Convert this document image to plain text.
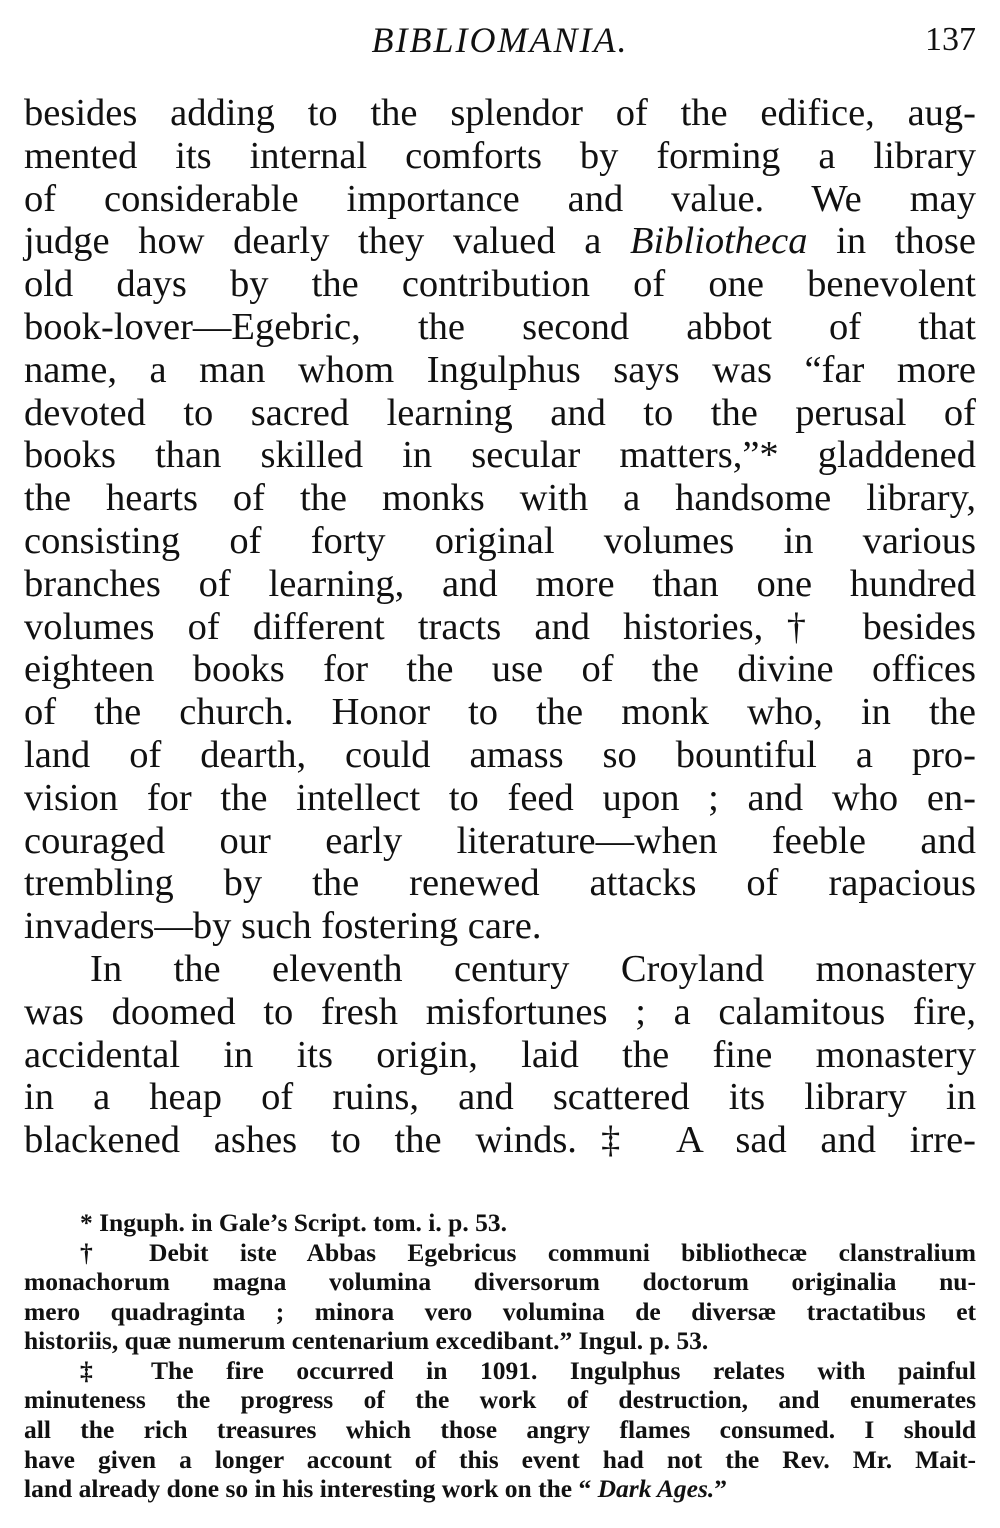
BIBLIOMANIA.	137
besides adding to the splendor of the edifice, aug-
mented its internal comforts by forming a library
of considerable importance and value. We may
judge how dearly they valued a Bibliotheca in those
old days by the contribution of one benevolent
book-lover—Egebric, the second abbot of that
name, a man whom Ingulphus says was “far more
devoted to sacred learning and to the perusal of
books than skilled in secular matters,”* gladdened
the hearts of the monks with a handsome library,
consisting of forty original volumes in various
branches of learning, and more than one hundred
volumes of different tracts and histories,† besides
eighteen books for the use of the divine offices
of the church. Honor to the monk who, in the
land of dearth, could amass so bountiful a pro-
vision for the intellect to feed upon ; and who en-
couraged our early literature—when feeble and
trembling by the renewed attacks of rapacious
invaders—by such fostering care.
In the eleventh century Croyland monastery
was doomed to fresh misfortunes ; a calamitous fire,
accidental in its origin, laid the fine monastery
in a heap of ruins, and scattered its library in
blackened ashes to the winds.‡ A sad and irre-
* Inguph. in Gale’s Script. tom. i. p. 53.
† Debit iste Abbas Egebricus communi bibliothecæ clanstralium
monachorum magna volumina diversorum doctorum originalia nu-
mero quadraginta ; minora vero volumina de diversæ tractatibus et
historiis, quæ numerum centenarium excedibant.” Ingul. p. 53.
‡ The fire occurred in 1091. Ingulphus relates with painful
minuteness the progress of the work of destruction, and enumerates
all the rich treasures which those angry flames consumed. I should
have given a longer account of this event had not the Rev. Mr. Mait-
land already done so in his interesting work on the “ Dark Ages.”
